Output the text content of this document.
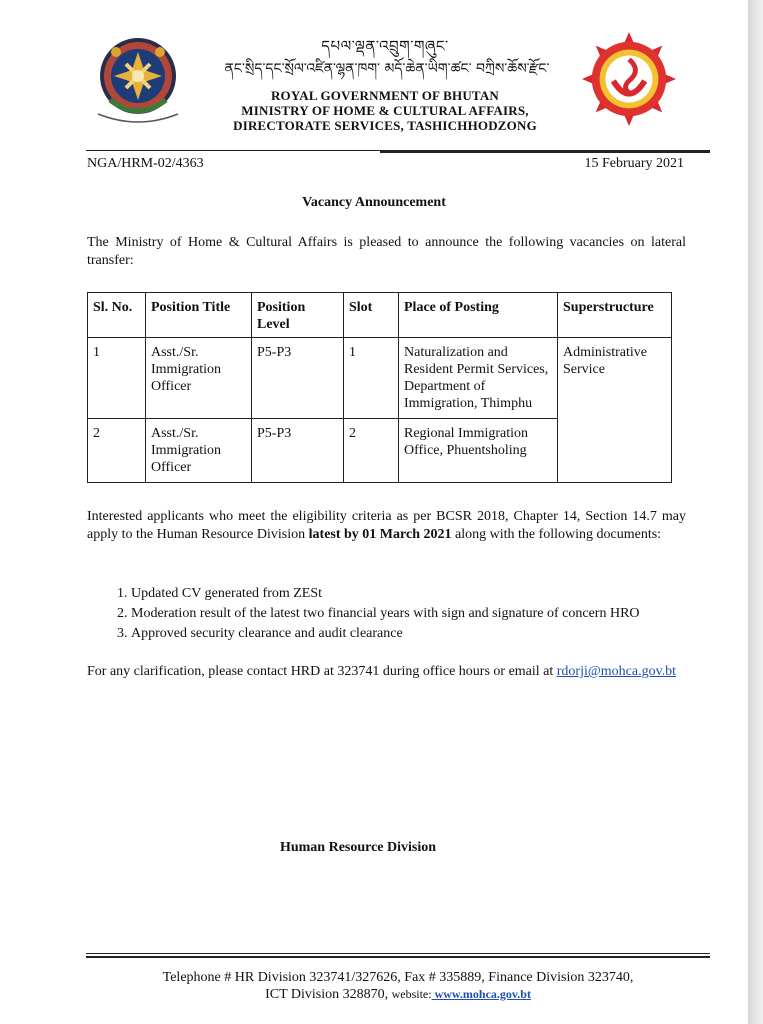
དཔལ་ལྡན་འབྲུག་གཞུང་
ནང་སྲིད་དང་སྲོལ་འཛིན་ལྷན་ཁག་ མདོ་ཆེན་ཡིག་ཚང་ བཀྲིས་ཆོས་རྫོང་
ROYAL GOVERNMENT OF BHUTAN
MINISTRY OF HOME & CULTURAL AFFAIRS,
DIRECTORATE SERVICES, TASHICHHODZONG
NGA/HRM-02/4363	15 February 2021
Vacancy Announcement
The Ministry of Home & Cultural Affairs is pleased to announce the following vacancies on lateral transfer:
Sl. No.	Position Title	Position Level	Slot	Place of Posting	Superstructure
1	Asst./Sr. Immigration Officer	P5-P3	1	Naturalization and Resident Permit Services, Department of Immigration, Thimphu	Administrative Service
2	Asst./Sr. Immigration Officer	P5-P3	2	Regional Immigration Office, Phuentsholing	
Interested applicants who meet the eligibility criteria as per BCSR 2018, Chapter 14, Section 14.7 may apply to the Human Resource Division latest by 01 March 2021 along with the following documents:
1. Updated CV generated from ZESt
2. Moderation result of the latest two financial years with sign and signature of concern HRO
3. Approved security clearance and audit clearance
For any clarification, please contact HRD at 323741 during office hours or email at rdorji@mohca.gov.bt
Human Resource Division
Telephone # HR Division 323741/327626, Fax # 335889, Finance Division 323740,
ICT Division 328870, website: www.mohca.gov.bt
